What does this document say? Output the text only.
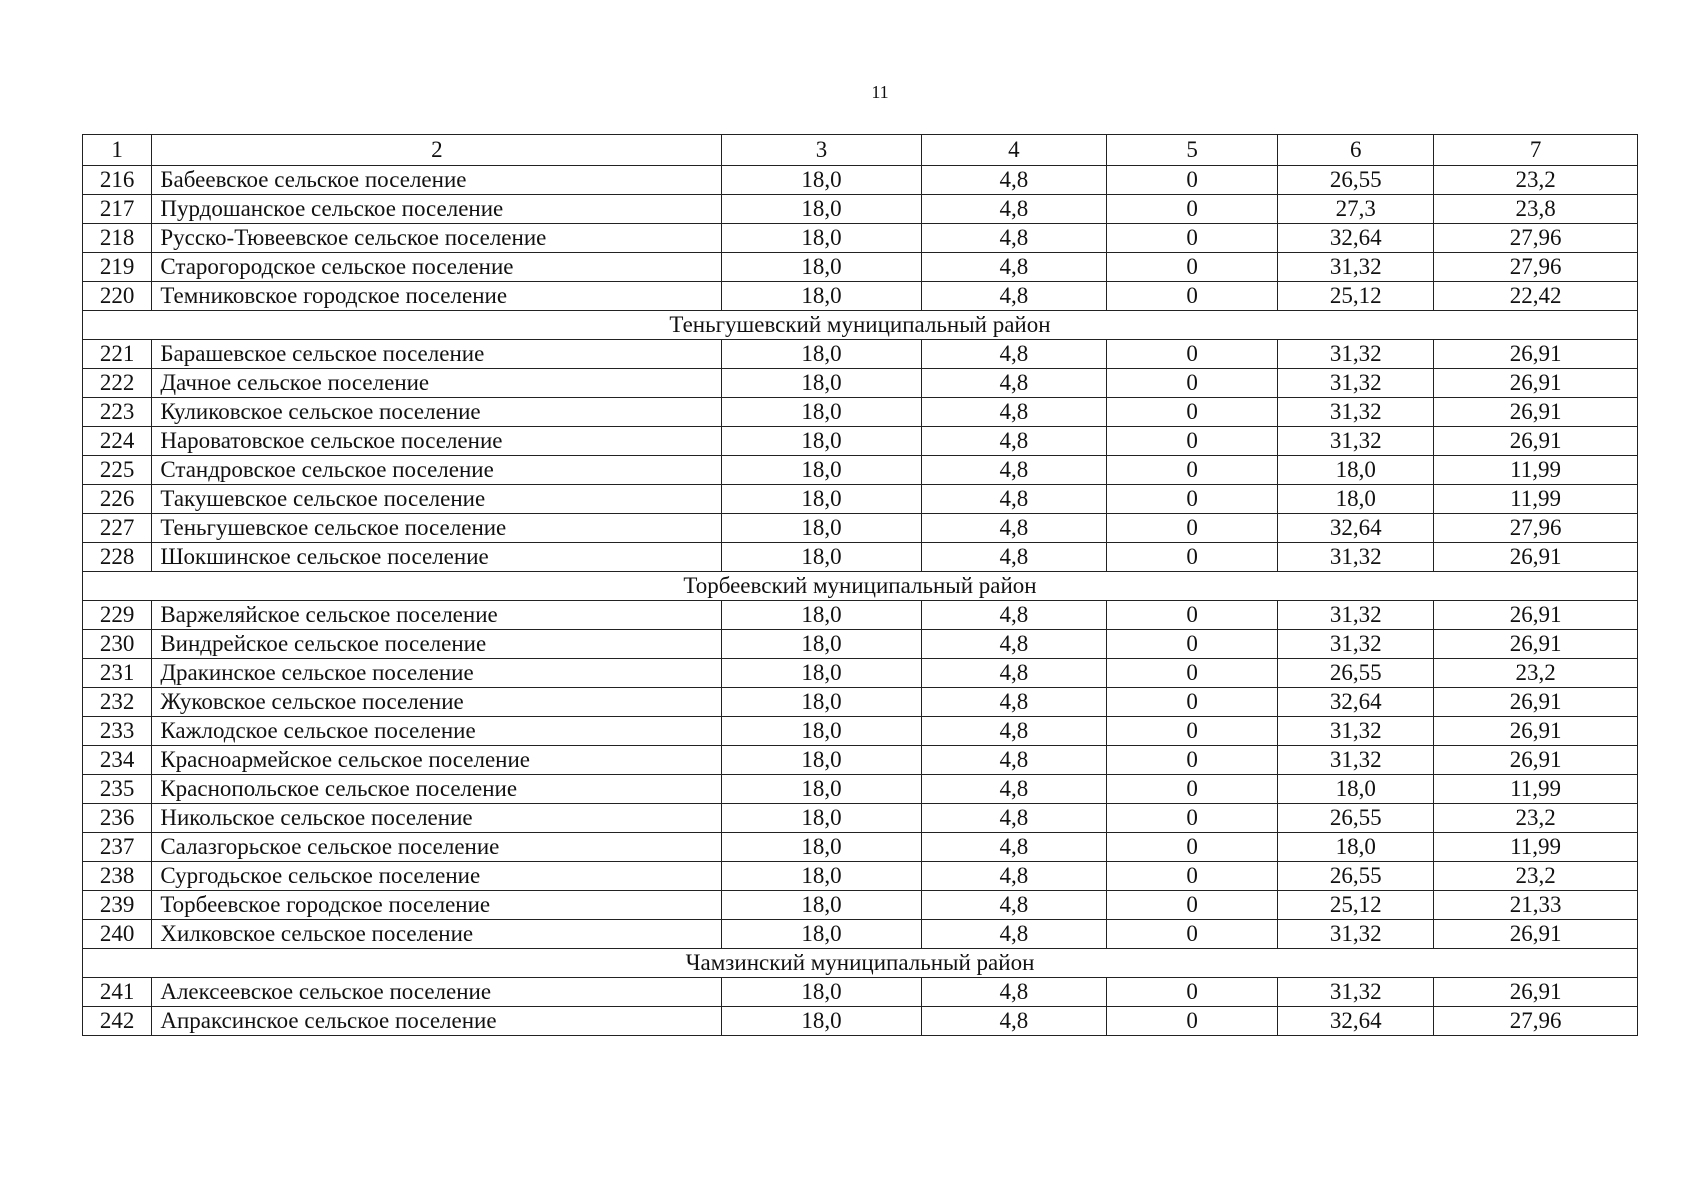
11
1	2	3	4	5	6	7
216	Бабеевское сельское поселение	18,0	4,8	0	26,55	23,2
217	Пурдошанское сельское поселение	18,0	4,8	0	27,3	23,8
218	Русско-Тювеевское сельское поселение	18,0	4,8	0	32,64	27,96
219	Старогородское сельское поселение	18,0	4,8	0	31,32	27,96
220	Темниковское городское поселение	18,0	4,8	0	25,12	22,42
Теньгушевский муниципальный район						
221	Барашевское сельское поселение	18,0	4,8	0	31,32	26,91
222	Дачное сельское поселение	18,0	4,8	0	31,32	26,91
223	Куликовское сельское поселение	18,0	4,8	0	31,32	26,91
224	Нароватовское сельское поселение	18,0	4,8	0	31,32	26,91
225	Стандровское сельское поселение	18,0	4,8	0	18,0	11,99
226	Такушевское сельское поселение	18,0	4,8	0	18,0	11,99
227	Теньгушевское сельское поселение	18,0	4,8	0	32,64	27,96
228	Шокшинское сельское поселение	18,0	4,8	0	31,32	26,91
Торбеевский муниципальный район						
229	Варжеляйское сельское поселение	18,0	4,8	0	31,32	26,91
230	Виндрейское сельское поселение	18,0	4,8	0	31,32	26,91
231	Дракинское сельское поселение	18,0	4,8	0	26,55	23,2
232	Жуковское сельское поселение	18,0	4,8	0	32,64	26,91
233	Кажлодское сельское поселение	18,0	4,8	0	31,32	26,91
234	Красноармейское сельское поселение	18,0	4,8	0	31,32	26,91
235	Краснопольское сельское поселение	18,0	4,8	0	18,0	11,99
236	Никольское сельское поселение	18,0	4,8	0	26,55	23,2
237	Салазгорьское сельское поселение	18,0	4,8	0	18,0	11,99
238	Сургодьское сельское поселение	18,0	4,8	0	26,55	23,2
239	Торбеевское городское поселение	18,0	4,8	0	25,12	21,33
240	Хилковское сельское поселение	18,0	4,8	0	31,32	26,91
Чамзинский муниципальный район						
241	Алексеевское сельское поселение	18,0	4,8	0	31,32	26,91
242	Апраксинское сельское поселение	18,0	4,8	0	32,64	27,96
